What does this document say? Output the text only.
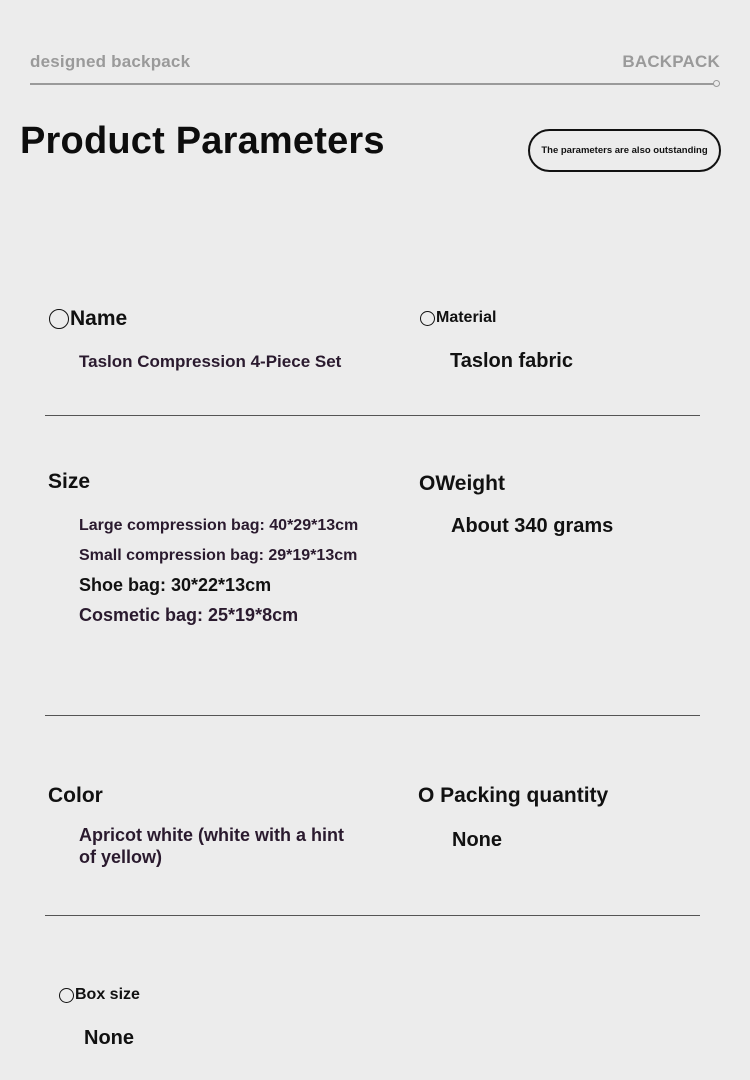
designed backpack	BACKPACK
Product Parameters	The parameters are also outstanding
Name
Taslon Compression 4-Piece Set
Material
Taslon fabric
Size
Large compression bag: 40*29*13cm
Small compression bag: 29*19*13cm
Shoe bag: 30*22*13cm
Cosmetic bag: 25*19*8cm
OWeight
About 340 grams
Color
Apricot white (white with a hint
of yellow)
O Packing quantity
None
Box size
None
